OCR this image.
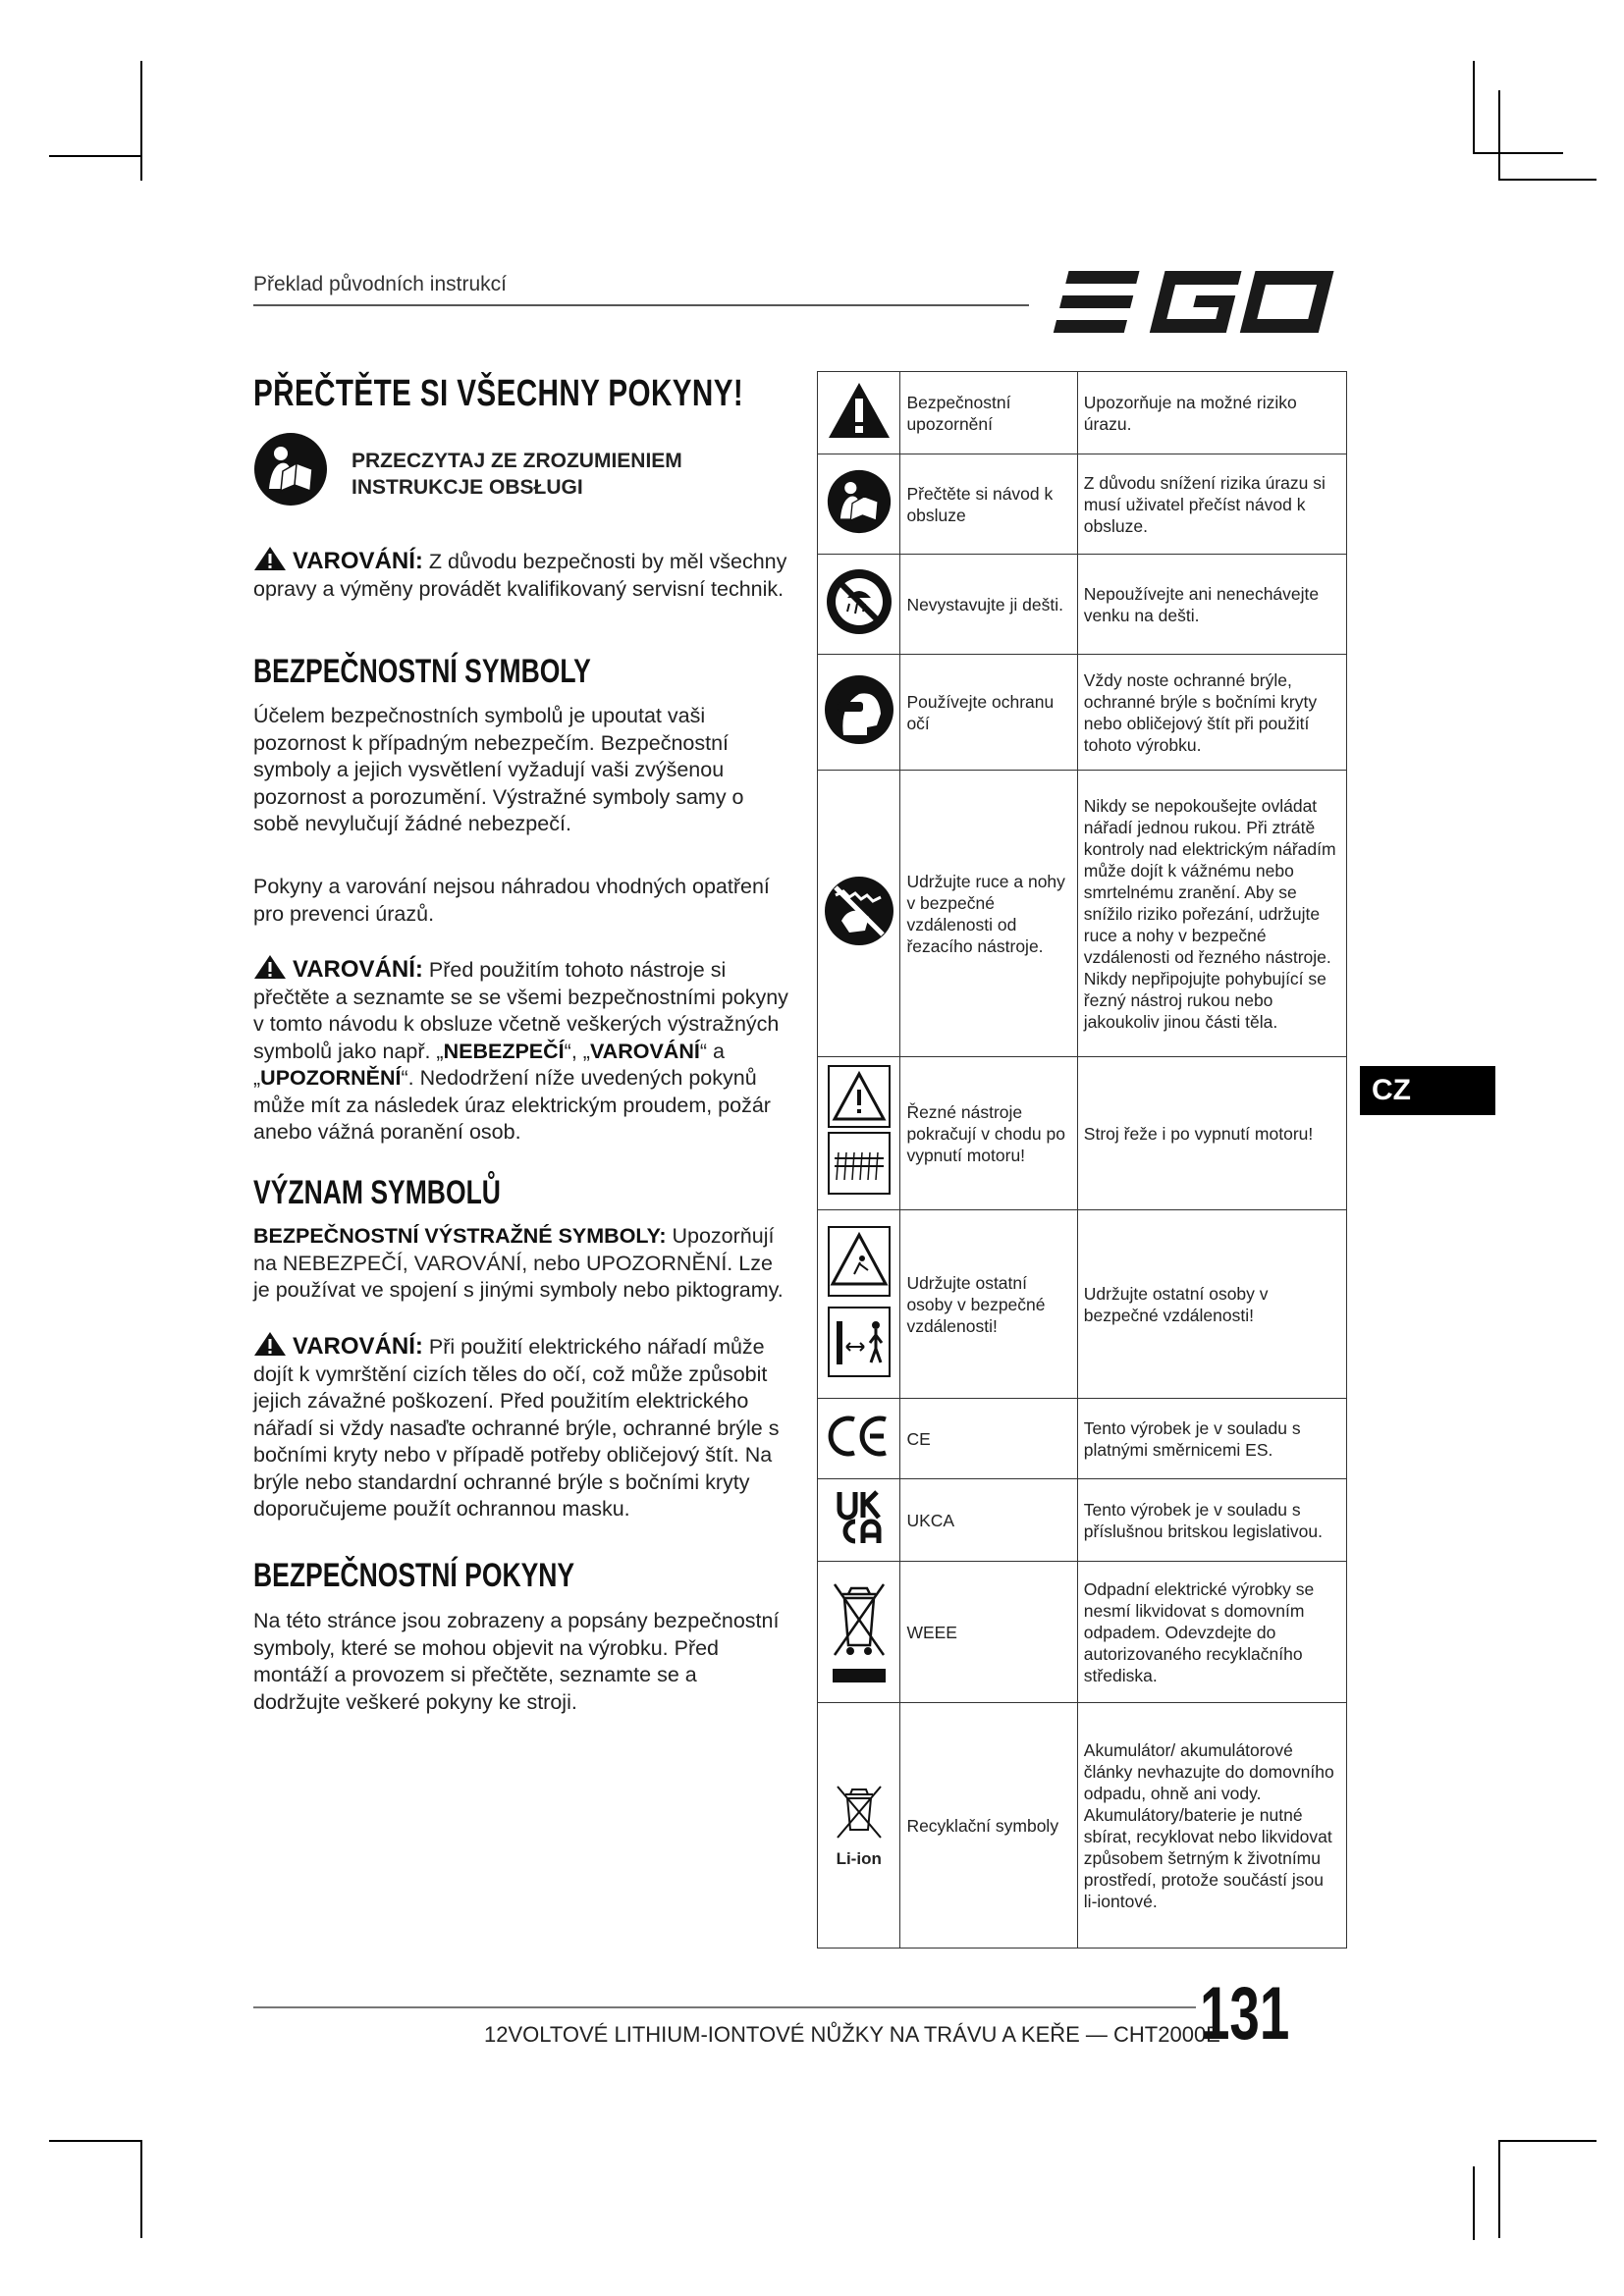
Překlad původních instrukcí
PŘEČTĚTE SI VŠECHNY POKYNY!
PRZECZYTAJ ZE ZROZUMIENIEM
INSTRUKCJE OBSŁUGI
VAROVÁNÍ: Z důvodu bezpečnosti by měl všechny opravy a výměny provádět kvalifikovaný servisní technik.
BEZPEČNOSTNÍ SYMBOLY
Účelem bezpečnostních symbolů je upoutat vaši pozornost k případným nebezpečím. Bezpečnostní symboly a jejich vysvětlení vyžadují vaši zvýšenou pozornost a porozumění. Výstražné symboly samy o sobě nevylučují žádné nebezpečí.
Pokyny a varování nejsou náhradou vhodných opatření pro prevenci úrazů.
VAROVÁNÍ: Před použitím tohoto nástroje si přečtěte a seznamte se se všemi bezpečnostními pokyny v tomto návodu k obsluze včetně veškerých výstražných symbolů jako např. „NEBEZPEČÍ“, „VAROVÁNÍ“ a „UPOZORNĚNÍ“. Nedodržení níže uvedených pokynů může mít za následek úraz elektrickým proudem, požár anebo vážná poranění osob.
VÝZNAM SYMBOLŮ
BEZPEČNOSTNÍ VÝSTRAŽNÉ SYMBOLY: Upozorňují na NEBEZPEČÍ, VAROVÁNÍ, nebo UPOZORNĚNÍ. Lze je používat ve spojení s jinými symboly nebo piktogramy.
VAROVÁNÍ: Při použití elektrického nářadí může dojít k vymrštění cizích těles do očí, což může způsobit jejich závažné poškození. Před použitím elektrického nářadí si vždy nasaďte ochranné brýle, ochranné brýle s bočními kryty nebo v případě potřeby obličejový štít. Na brýle nebo standardní ochranné brýle s bočními kryty doporučujeme použít ochrannou masku.
BEZPEČNOSTNÍ POKYNY
Na této stránce jsou zobrazeny a popsány bezpečnostní symboly, které se mohou objevit na výrobku. Před montáží a provozem si přečtěte, seznamte se a dodržujte veškeré pokyny ke stroji.
	Bezpečnostní upozornění	Upozorňuje na možné riziko úrazu.
	Přečtěte si návod k obsluze	Z důvodu snížení rizika úrazu si musí uživatel přečíst návod k obsluze.
	Nevystavujte ji dešti.	Nepoužívejte ani nenechávejte venku na dešti.
	Používejte ochranu očí	Vždy noste ochranné brýle, ochranné brýle s bočními kryty nebo obličejový štít při použití tohoto výrobku.
	Udržujte ruce a nohy v bezpečné vzdálenosti od řezacího nástroje.	Nikdy se nepokoušejte ovládat nářadí jednou rukou. Při ztrátě kontroly nad elektrickým nářadím může dojít k vážnému nebo smrtelnému zranění. Aby se snížilo riziko pořezání, udržujte ruce a nohy v bezpečné vzdálenosti od řezného nástroje. Nikdy nepřipojujte pohybující se řezný nástroj rukou nebo jakoukoliv jinou části těla.
	Řezné nástroje pokračují v chodu po vypnutí motoru!	Stroj řeže i po vypnutí motoru!
	Udržujte ostatní osoby v bezpečné vzdálenosti!	Udržujte ostatní osoby v bezpečné vzdálenosti!
	CE	Tento výrobek je v souladu s platnými směrnicemi ES.
	UKCA	Tento výrobek je v souladu s příslušnou britskou legislativou.
	WEEE	Odpadní elektrické výrobky se nesmí likvidovat s domovním odpadem. Odevzdejte do autorizovaného recyklačního střediska.

Li-ion	Recyklační symboly	Akumulátor/ akumulátorové články nevhazujte do domovního odpadu, ohně ani vody. Akumulátory/baterie je nutné sbírat, recyklovat nebo likvidovat způsobem šetrným k životnímu prostředí, protože součástí jsou li-iontové.
CZ
12VOLTOVÉ LITHIUM-IONTOVÉ NŮŽKY NA TRÁVU A KEŘE — CHT2000E
131
